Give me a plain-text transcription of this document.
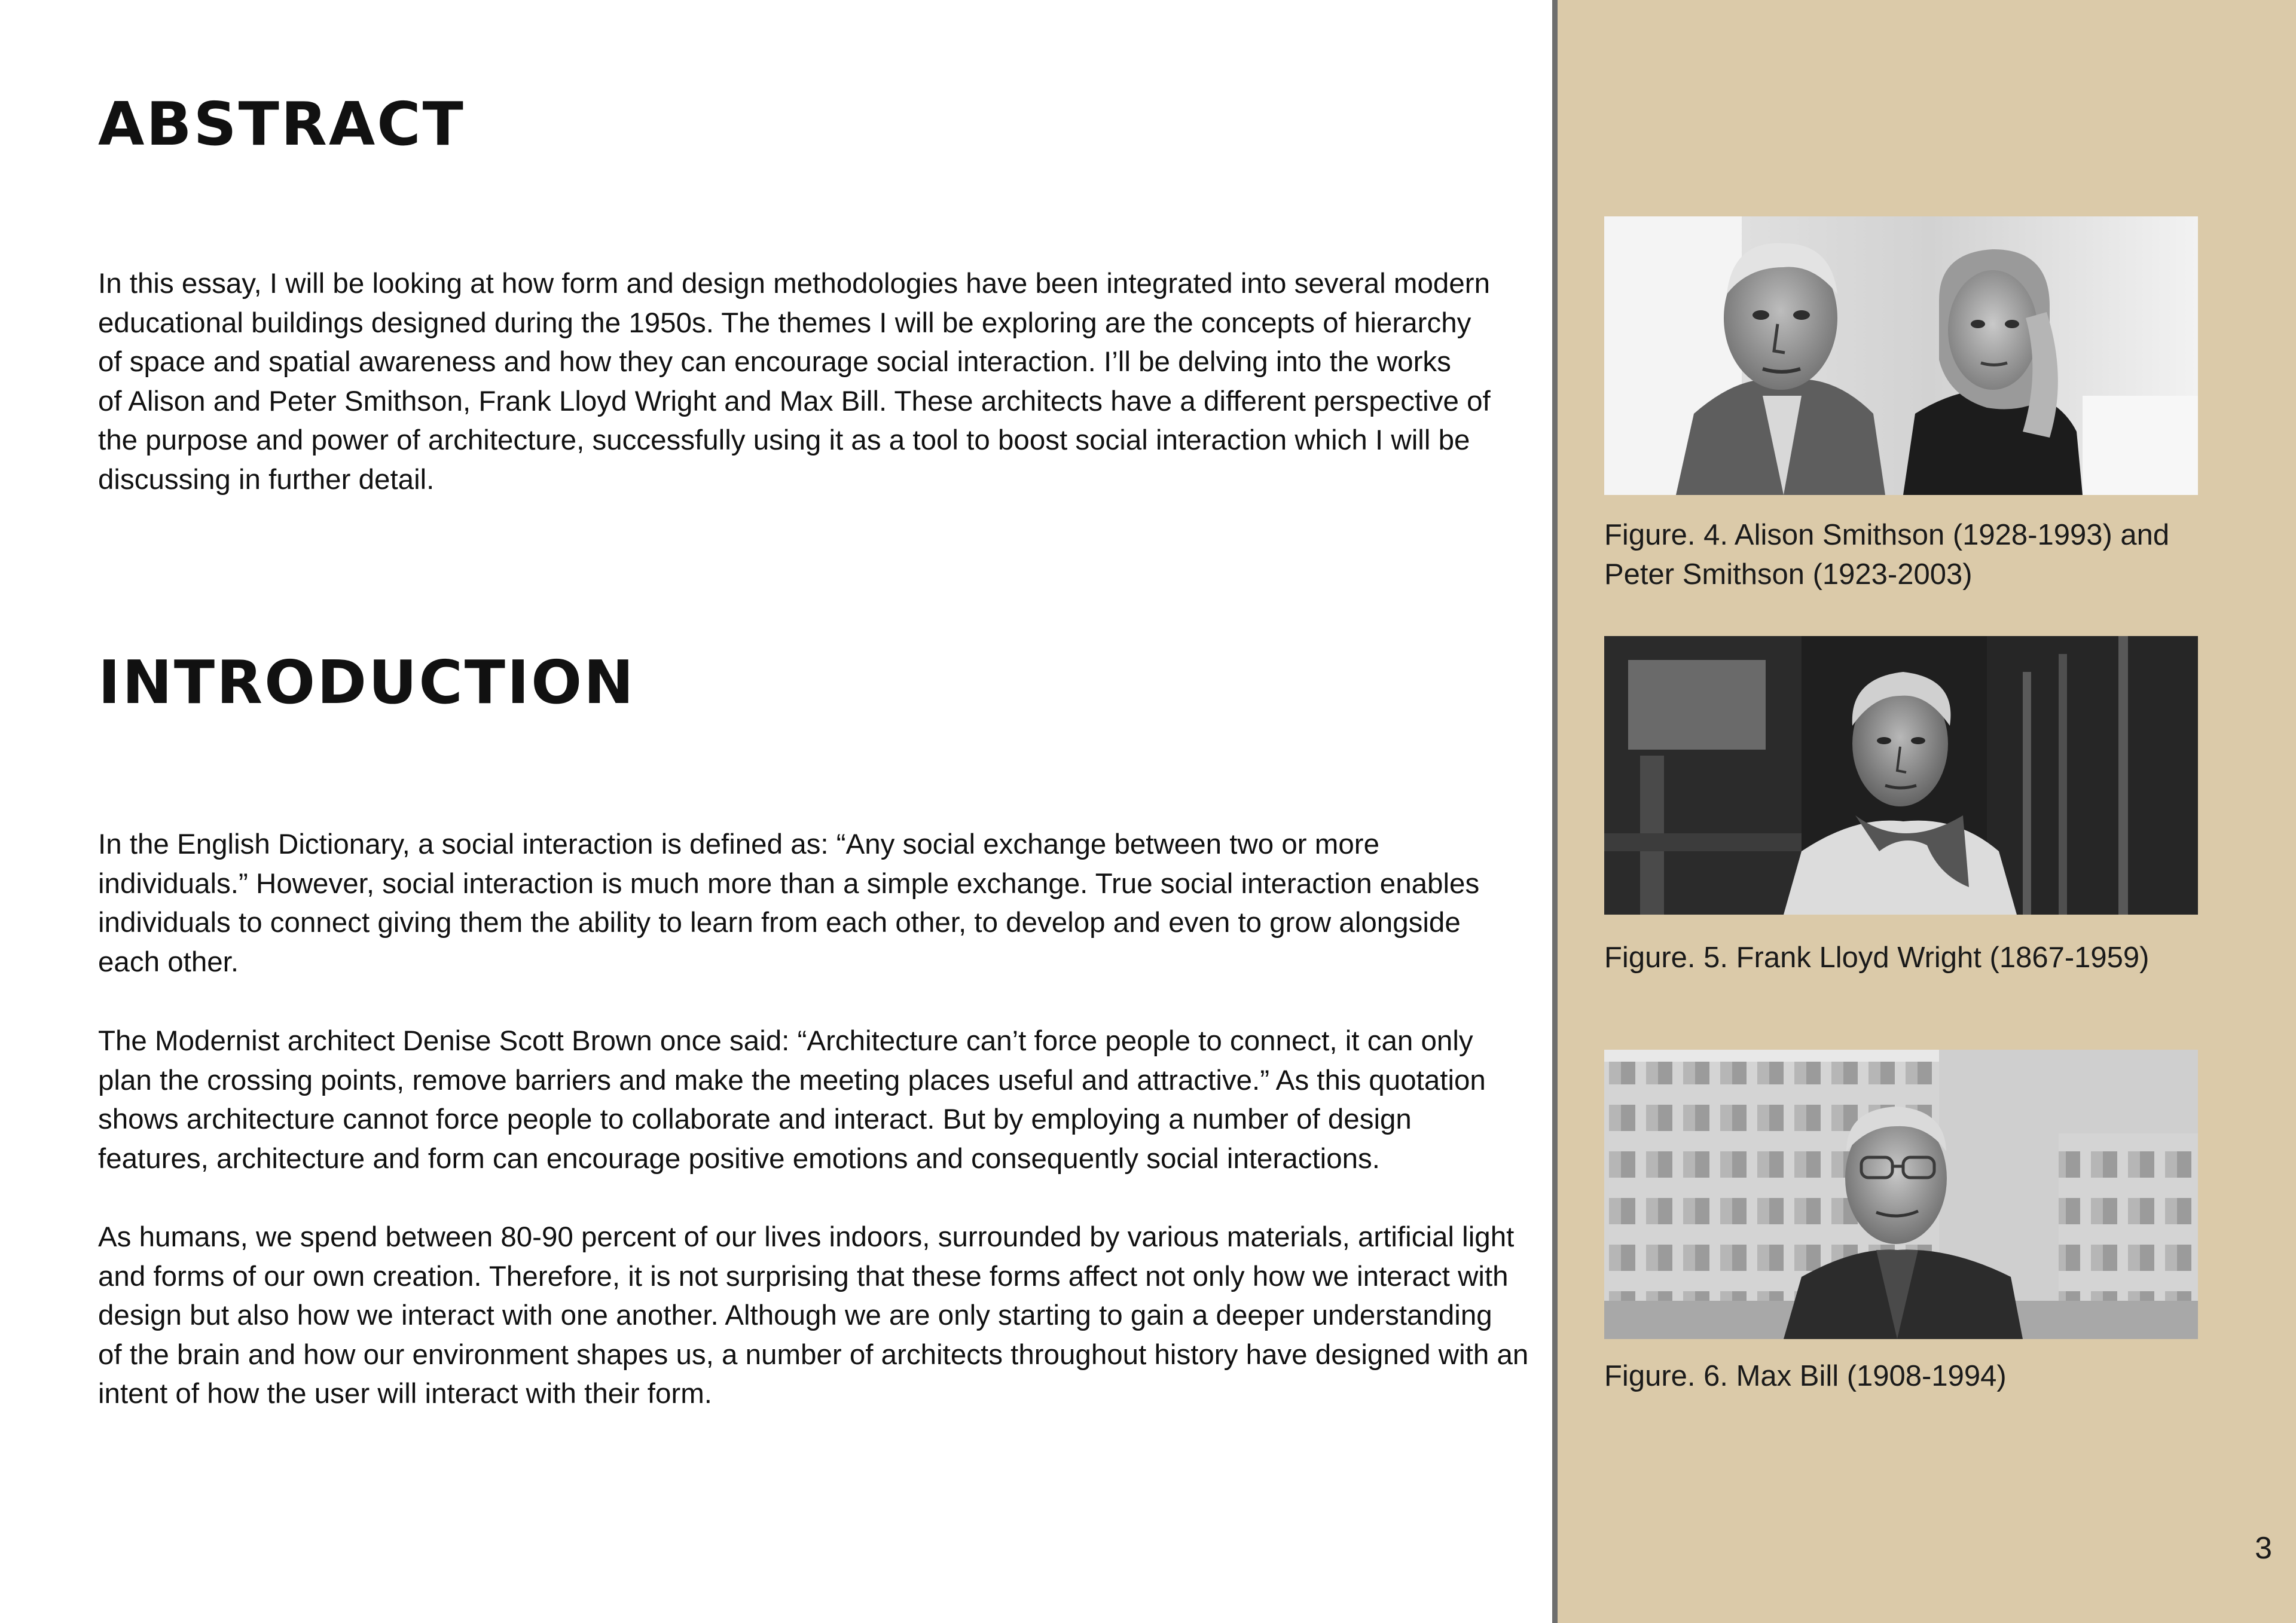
ABSTRACT

In this essay, I will be looking at how form and design methodologies have been integrated into several modern
educational buildings designed during the 1950s. The themes I will be exploring are the concepts of hierarchy
of space and spatial awareness and how they can encourage social interaction. I’ll be delving into the works
of Alison and Peter Smithson, Frank Lloyd Wright and Max Bill. These architects have a different perspective of
the purpose and power of architecture, successfully using it as a tool to boost social interaction which I will be
discussing in further detail.

INTRODUCTION

In the English Dictionary, a social interaction is defined as: “Any social exchange between two or more
individuals.” However, social interaction is much more than a simple exchange. True social interaction enables
individuals to connect giving them the ability to learn from each other, to develop and even to grow alongside
each other.

The Modernist architect Denise Scott Brown once said: “Architecture can’t force people to connect, it can only
plan the crossing points, remove barriers and make the meeting places useful and attractive.” As this quotation
shows architecture cannot force people to collaborate and interact. But by employing a number of design
features, architecture and form can encourage positive emotions and consequently social interactions.

As humans, we spend between 80-90 percent of our lives indoors, surrounded by various materials, artificial light
and forms of our own creation. Therefore, it is not surprising that these forms affect not only how we interact with
design but also how we interact with one another. Although we are only starting to gain a deeper understanding
of the brain and how our environment shapes us, a number of architects throughout history have designed with an
intent of how the user will interact with their form.

Figure. 4. Alison Smithson (1928-1993) and
Peter Smithson (1923-2003)

Figure. 5. Frank Lloyd Wright (1867-1959)

Figure. 6. Max Bill (1908-1994)

3
